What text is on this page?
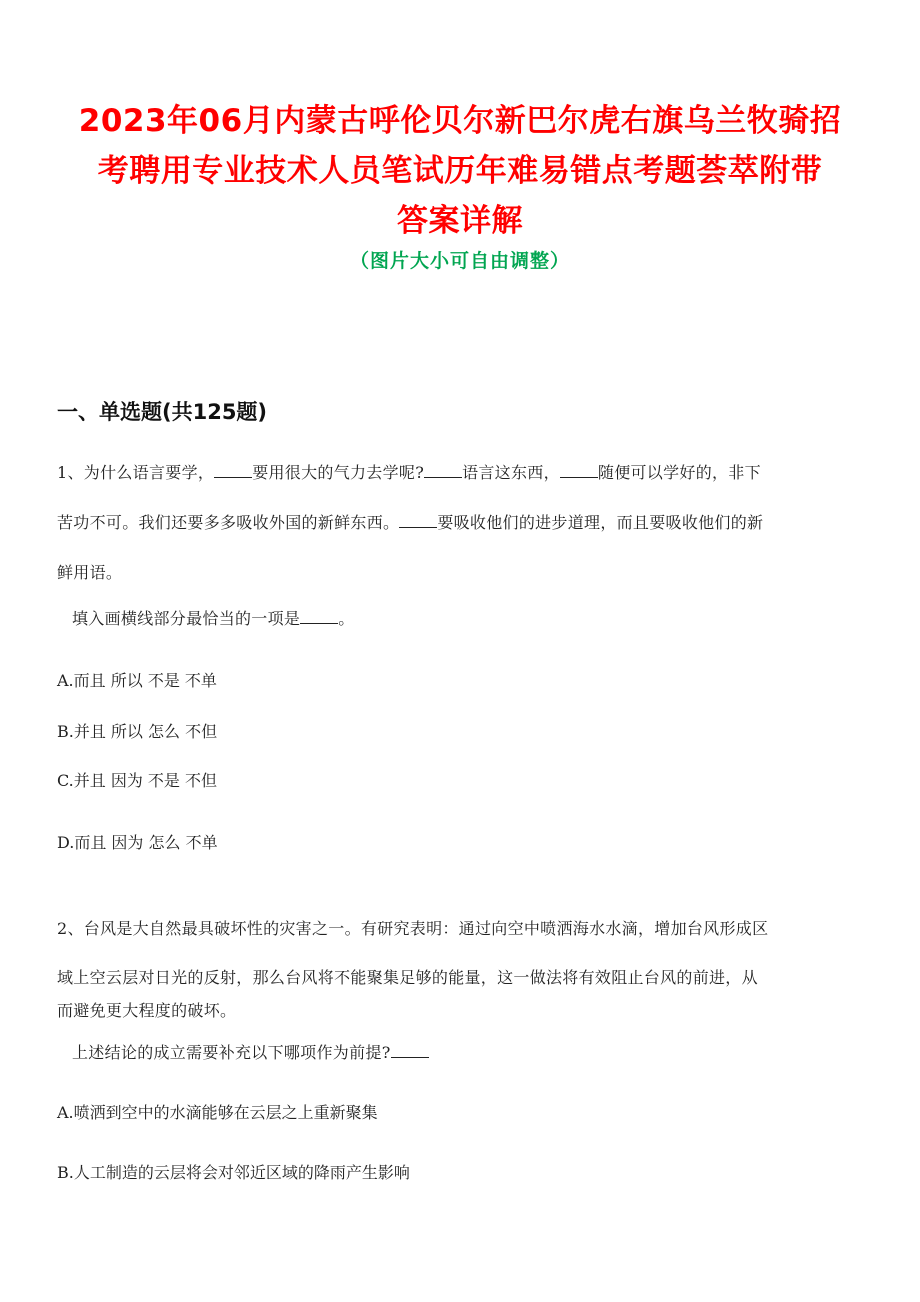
2023年06月内蒙古呼伦贝尔新巴尔虎右旗乌兰牧骑招
考聘用专业技术人员笔试历年难易错点考题荟萃附带
答案详解
（图片大小可自由调整）
一、单选题(共125题)
1、为什么语言要学， 要用很大的气力去学呢? 语言这东西， 随便可以学好的，非下
苦功不可。我们还要多多吸收外国的新鲜东西。 要吸收他们的进步道理，而且要吸收他们的新
鲜用语。
填入画横线部分最恰当的一项是 。
A.而且 所以 不是 不单
B.并且 所以 怎么 不但
C.并且 因为 不是 不但
D.而且 因为 怎么 不单
2、台风是大自然最具破坏性的灾害之一。有研究表明：通过向空中喷洒海水水滴，增加台风形成区
域上空云层对日光的反射，那么台风将不能聚集足够的能量，这一做法将有效阻止台风的前进，从
而避免更大程度的破坏。
上述结论的成立需要补充以下哪项作为前提?
A.喷洒到空中的水滴能够在云层之上重新聚集
B.人工制造的云层将会对邻近区域的降雨产生影响
